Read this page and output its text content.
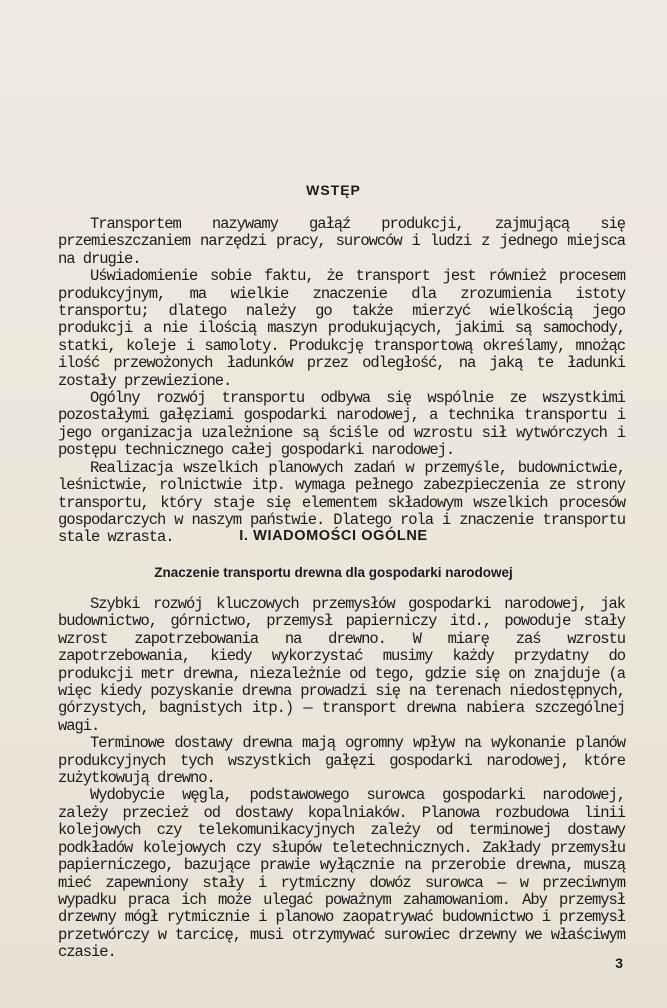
WSTĘP

Transportem nazywamy gałąź produkcji, zajmującą się przemieszczaniem narzędzi pracy, surowców i ludzi z jednego miejsca na drugie.

Uświadomienie sobie faktu, że transport jest również procesem produkcyjnym, ma wielkie znaczenie dla zrozumienia istoty transportu; dlatego należy go także mierzyć wielkością jego produkcji a nie ilością maszyn produkujących, jakimi są samochody, statki, koleje i samoloty. Produkcję transportową określamy, mnożąc ilość przewożonych ładunków przez odległość, na jaką te ładunki zostały przewiezione.

Ogólny rozwój transportu odbywa się wspólnie ze wszystkimi pozostałymi gałęziami gospodarki narodowej, a technika transportu i jego organizacja uzależnione są ściśle od wzrostu sił wytwórczych i postępu technicznego całej gospodarki narodowej.

Realizacja wszelkich planowych zadań w przemyśle, budownictwie, leśnictwie, rolnictwie itp. wymaga pełnego zabezpieczenia ze strony transportu, który staje się elementem składowym wszelkich procesów gospodarczych w naszym państwie. Dlatego rola i znaczenie transportu stale wzrasta.	I. WIADOMOŚCI OGÓLNE
Znaczenie transportu drewna dla gospodarki narodowej

Szybki rozwój kluczowych przemysłów gospodarki narodowej, jak budownictwo, górnictwo, przemysł papierniczy itd., powoduje stały wzrost zapotrzebowania na drewno. W miarę zaś wzrostu zapotrzebowania, kiedy wykorzystać musimy każdy przydatny do produkcji metr drewna, niezależnie od tego, gdzie się on znajduje (a więc kiedy pozyskanie drewna prowadzi się na terenach niedostępnych, górzystych, bagnistych itp.) — transport drewna nabiera szczególnej wagi.

Terminowe dostawy drewna mają ogromny wpływ na wykonanie planów produkcyjnych tych wszystkich gałęzi gospodarki narodowej, które zużytkowują drewno.

Wydobycie węgla, podstawowego surowca gospodarki narodowej, zależy przecież od dostawy kopalniaków. Planowa rozbudowa linii kolejowych czy telekomunikacyjnych zależy od terminowej dostawy podkładów kolejowych czy słupów teletechnicznych. Zakłady przemysłu papierniczego, bazujące prawie wyłącznie na przerobie drewna, muszą mieć zapewniony stały i rytmiczny dowóz surowca — w przeciwnym wypadku praca ich może ulegać poważnym zahamowaniom. Aby przemysł drzewny mógł rytmicznie i planowo zaopatrywać budownictwo i przemysł przetwórczy w tarcicę, musi otrzymywać surowiec drzewny we właściwym czasie.

3
